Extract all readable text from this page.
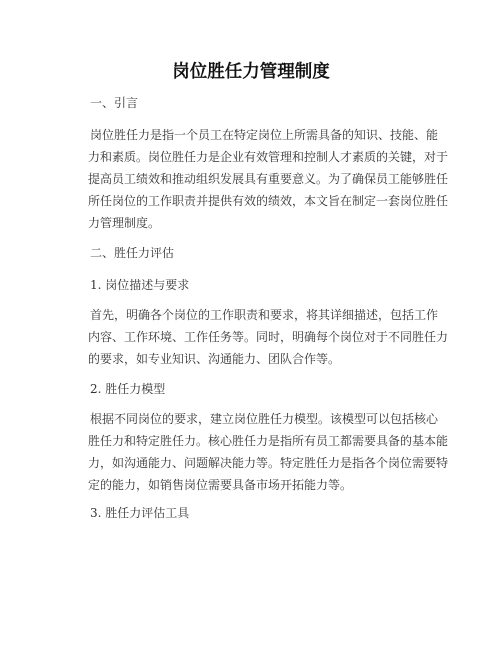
岗位胜任力管理制度

一、引言

岗位胜任力是指一个员工在特定岗位上所需具备的知识、技能、能
力和素质。岗位胜任力是企业有效管理和控制人才素质的关键，对于
提高员工绩效和推动组织发展具有重要意义。为了确保员工能够胜任
所任岗位的工作职责并提供有效的绩效，本文旨在制定一套岗位胜任
力管理制度。

二、胜任力评估

1. 岗位描述与要求

首先，明确各个岗位的工作职责和要求，将其详细描述，包括工作
内容、工作环境、工作任务等。同时，明确每个岗位对于不同胜任力
的要求，如专业知识、沟通能力、团队合作等。

2. 胜任力模型

根据不同岗位的要求，建立岗位胜任力模型。该模型可以包括核心
胜任力和特定胜任力。核心胜任力是指所有员工都需要具备的基本能
力，如沟通能力、问题解决能力等。特定胜任力是指各个岗位需要特
定的能力，如销售岗位需要具备市场开拓能力等。

3. 胜任力评估工具
